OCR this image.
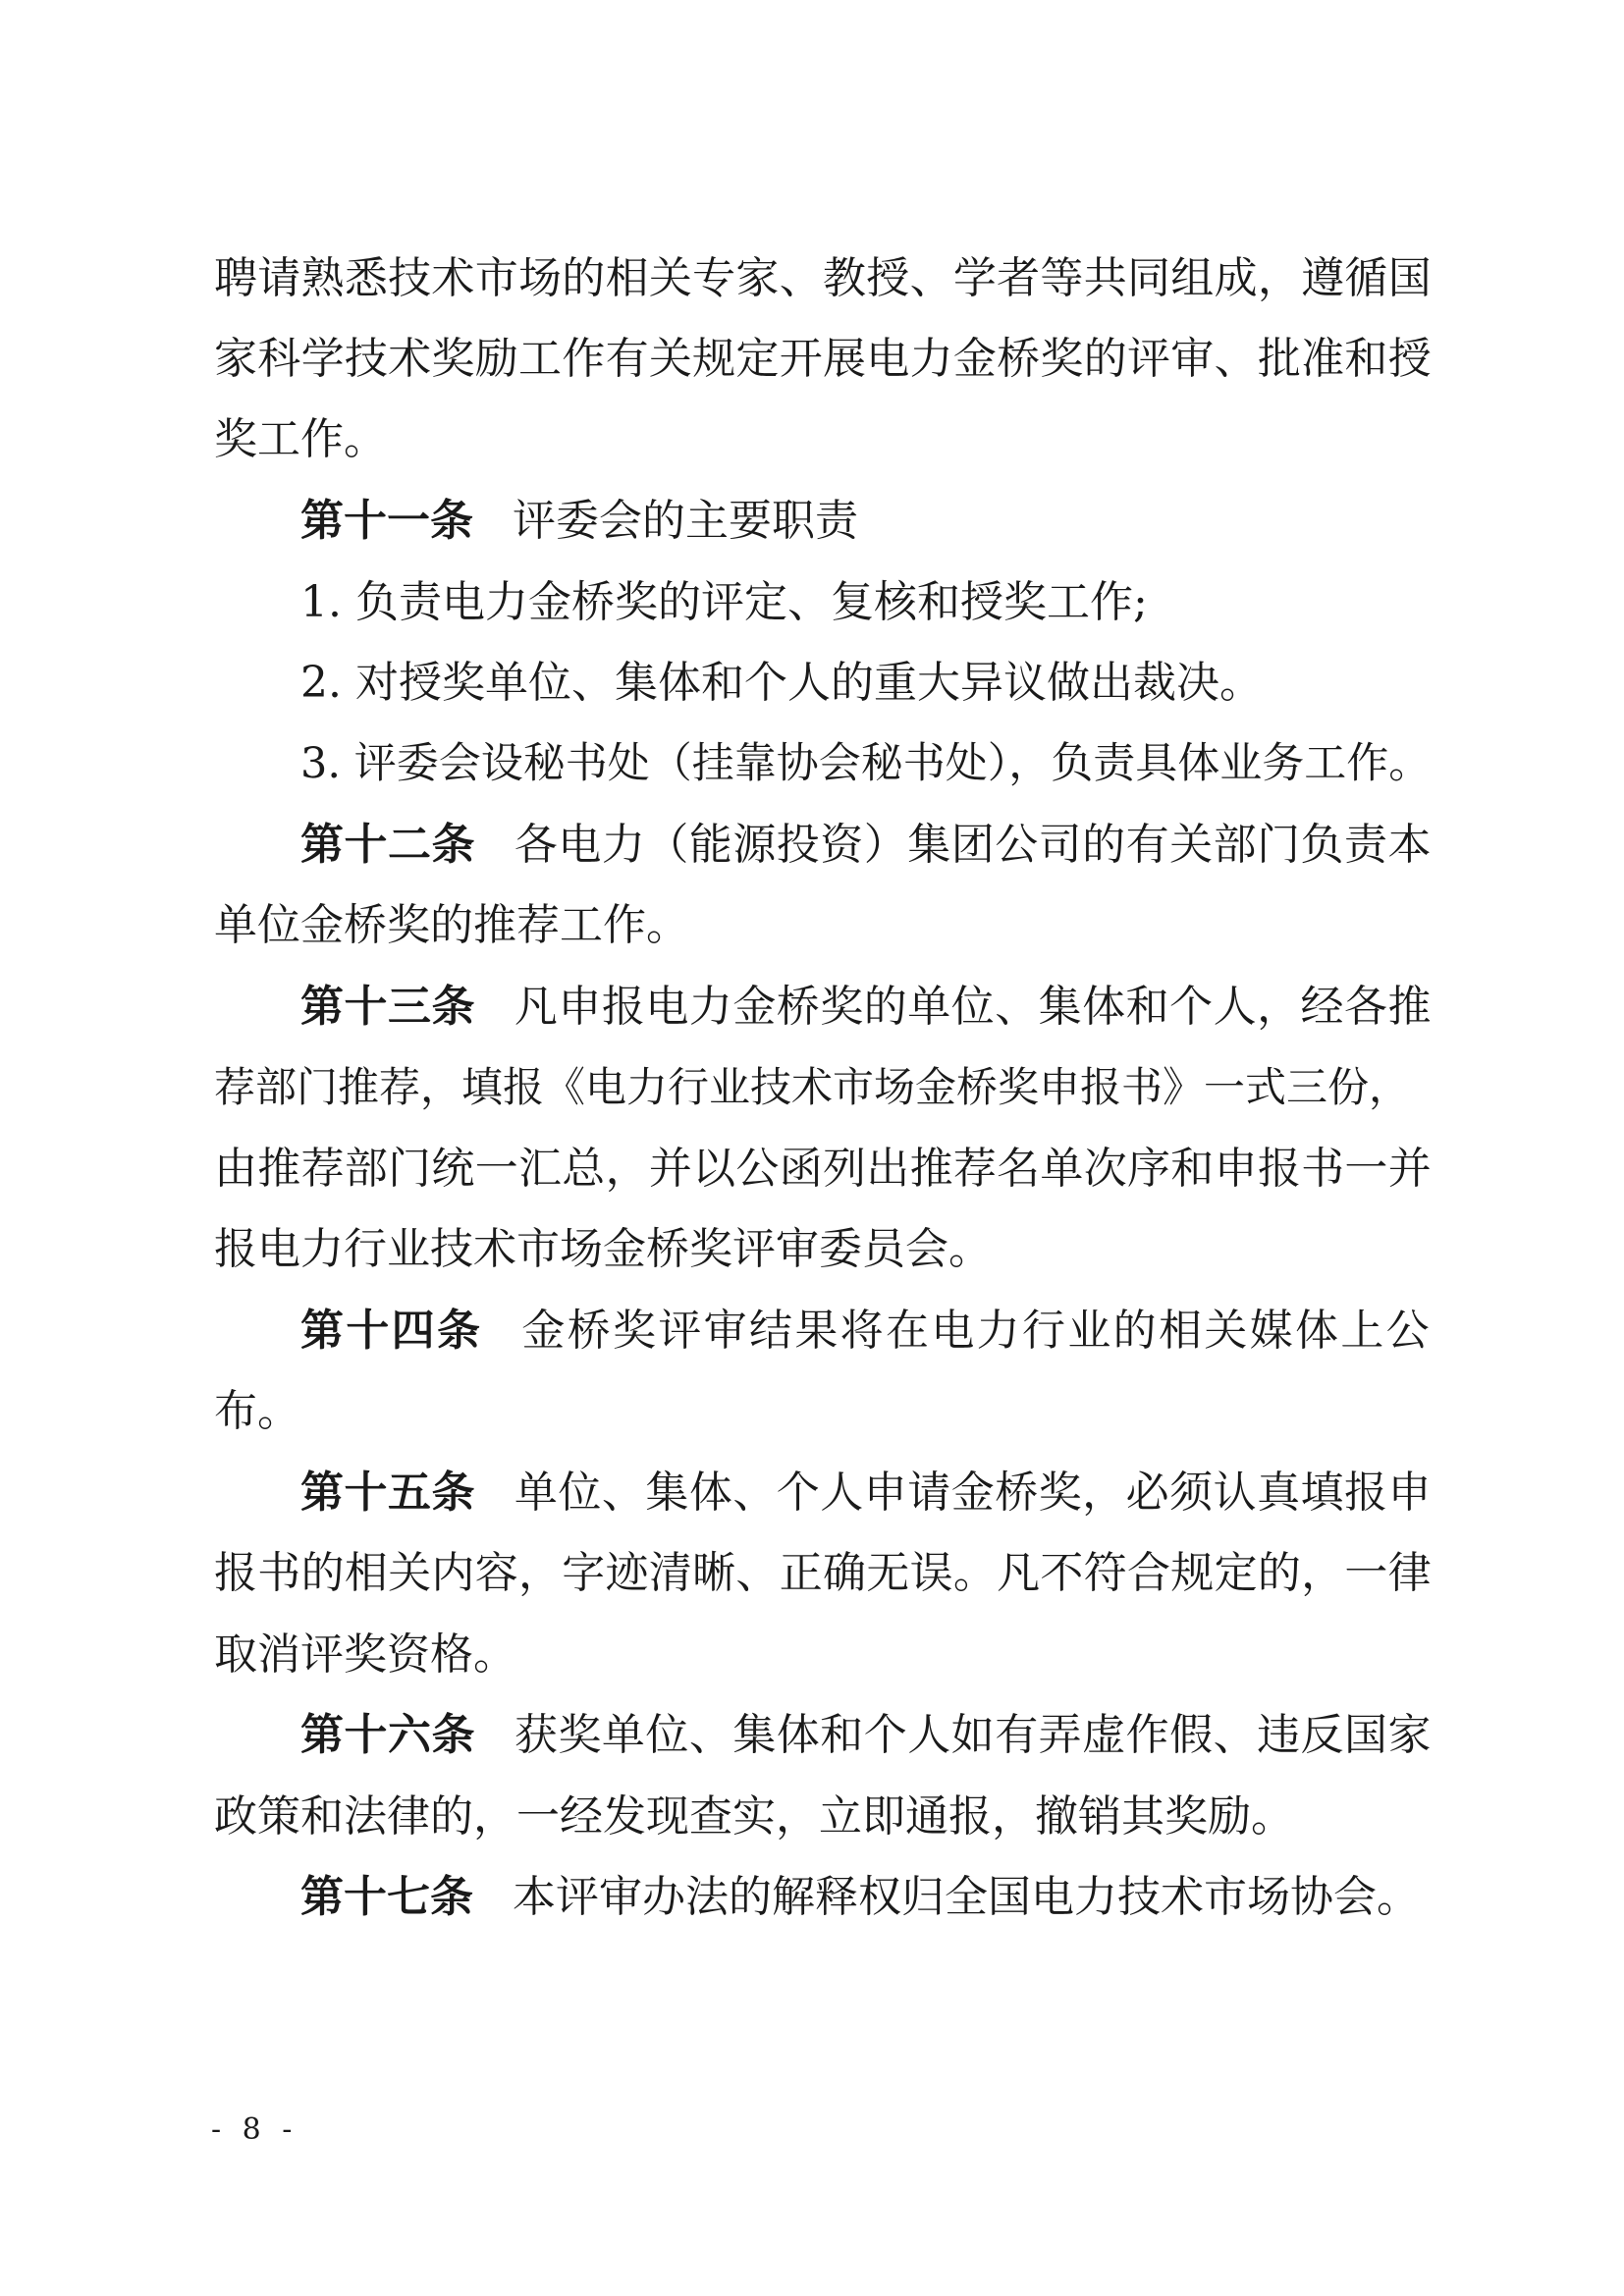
聘请熟悉技术市场的相关专家、教授、学者等共同组成，遵循国
家科学技术奖励工作有关规定开展电力金桥奖的评审、批准和授
奖工作。
第十一条 评委会的主要职责
1. 负责电力金桥奖的评定、复核和授奖工作;
2. 对授奖单位、集体和个人的重大异议做出裁决。
3. 评委会设秘书处（挂靠协会秘书处），负责具体业务工作。
第十二条 各电力（能源投资）集团公司的有关部门负责本
单位金桥奖的推荐工作。
第十三条 凡申报电力金桥奖的单位、集体和个人，经各推
荐部门推荐，填报《电力行业技术市场金桥奖申报书》一式三份，
由推荐部门统一汇总，并以公函列出推荐名单次序和申报书一并
报电力行业技术市场金桥奖评审委员会。
第十四条 金桥奖评审结果将在电力行业的相关媒体上公
布。
第十五条 单位、集体、个人申请金桥奖，必须认真填报申
报书的相关内容，字迹清晰、正确无误。凡不符合规定的，一律
取消评奖资格。
第十六条 获奖单位、集体和个人如有弄虚作假、违反国家
政策和法律的，一经发现查实，立即通报，撤销其奖励。
第十七条 本评审办法的解释权归全国电力技术市场协会。
- 8 -
